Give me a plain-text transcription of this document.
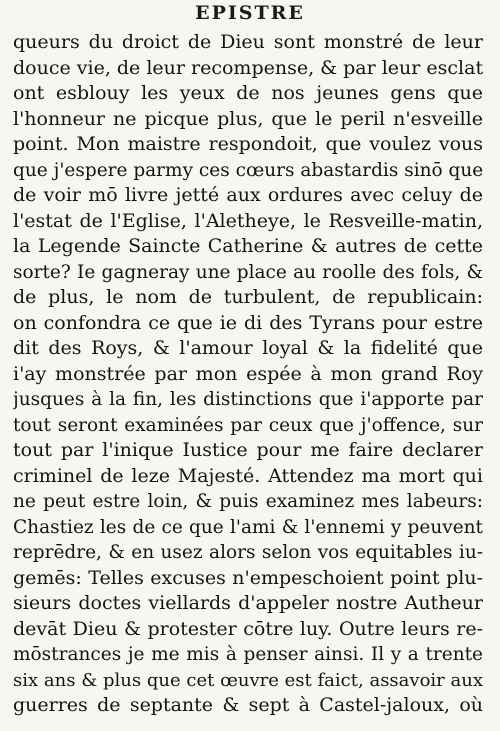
EPISTRE
queurs du droict de Dieu sont monstré de leur
douce vie, de leur recompense, & par leur esclat
ont esblouy les yeux de nos jeunes gens que
l'honneur ne picque plus, que le peril n'esveille
point. Mon maistre respondoit, que voulez vous
que j'espere parmy ces cœurs abastardis sinō que
de voir mō livre jetté aux ordures avec celuy de
l'estat de l'Eglise, l'Aletheye, le Resveille-matin,
la Legende Saincte Catherine & autres de cette
sorte? Ie gagneray une place au roolle des fols, &
de plus, le nom de turbulent, de republicain:
on confondra ce que ie di des Tyrans pour estre
dit des Roys, & l'amour loyal & la fidelité que
i'ay monstrée par mon espée à mon grand Roy
jusques à la fin, les distinctions que i'apporte par
tout seront examinées par ceux que j'offence, sur
tout par l'inique Iustice pour me faire declarer
criminel de leze Majesté. Attendez ma mort qui
ne peut estre loin, & puis examinez mes labeurs:
Chastiez les de ce que l'ami & l'ennemi y peuvent
reprēdre, & en usez alors selon vos equitables iu-
gemēs: Telles excuses n'empeschoient point plu-
sieurs doctes viellards d'appeler nostre Autheur
devāt Dieu & protester cōtre luy. Outre leurs re-
mōstrances je me mis à penser ainsi. Il y a trente
six ans & plus que cet œuvre est faict, assavoir aux
guerres de septante & sept à Castel-jaloux, où
